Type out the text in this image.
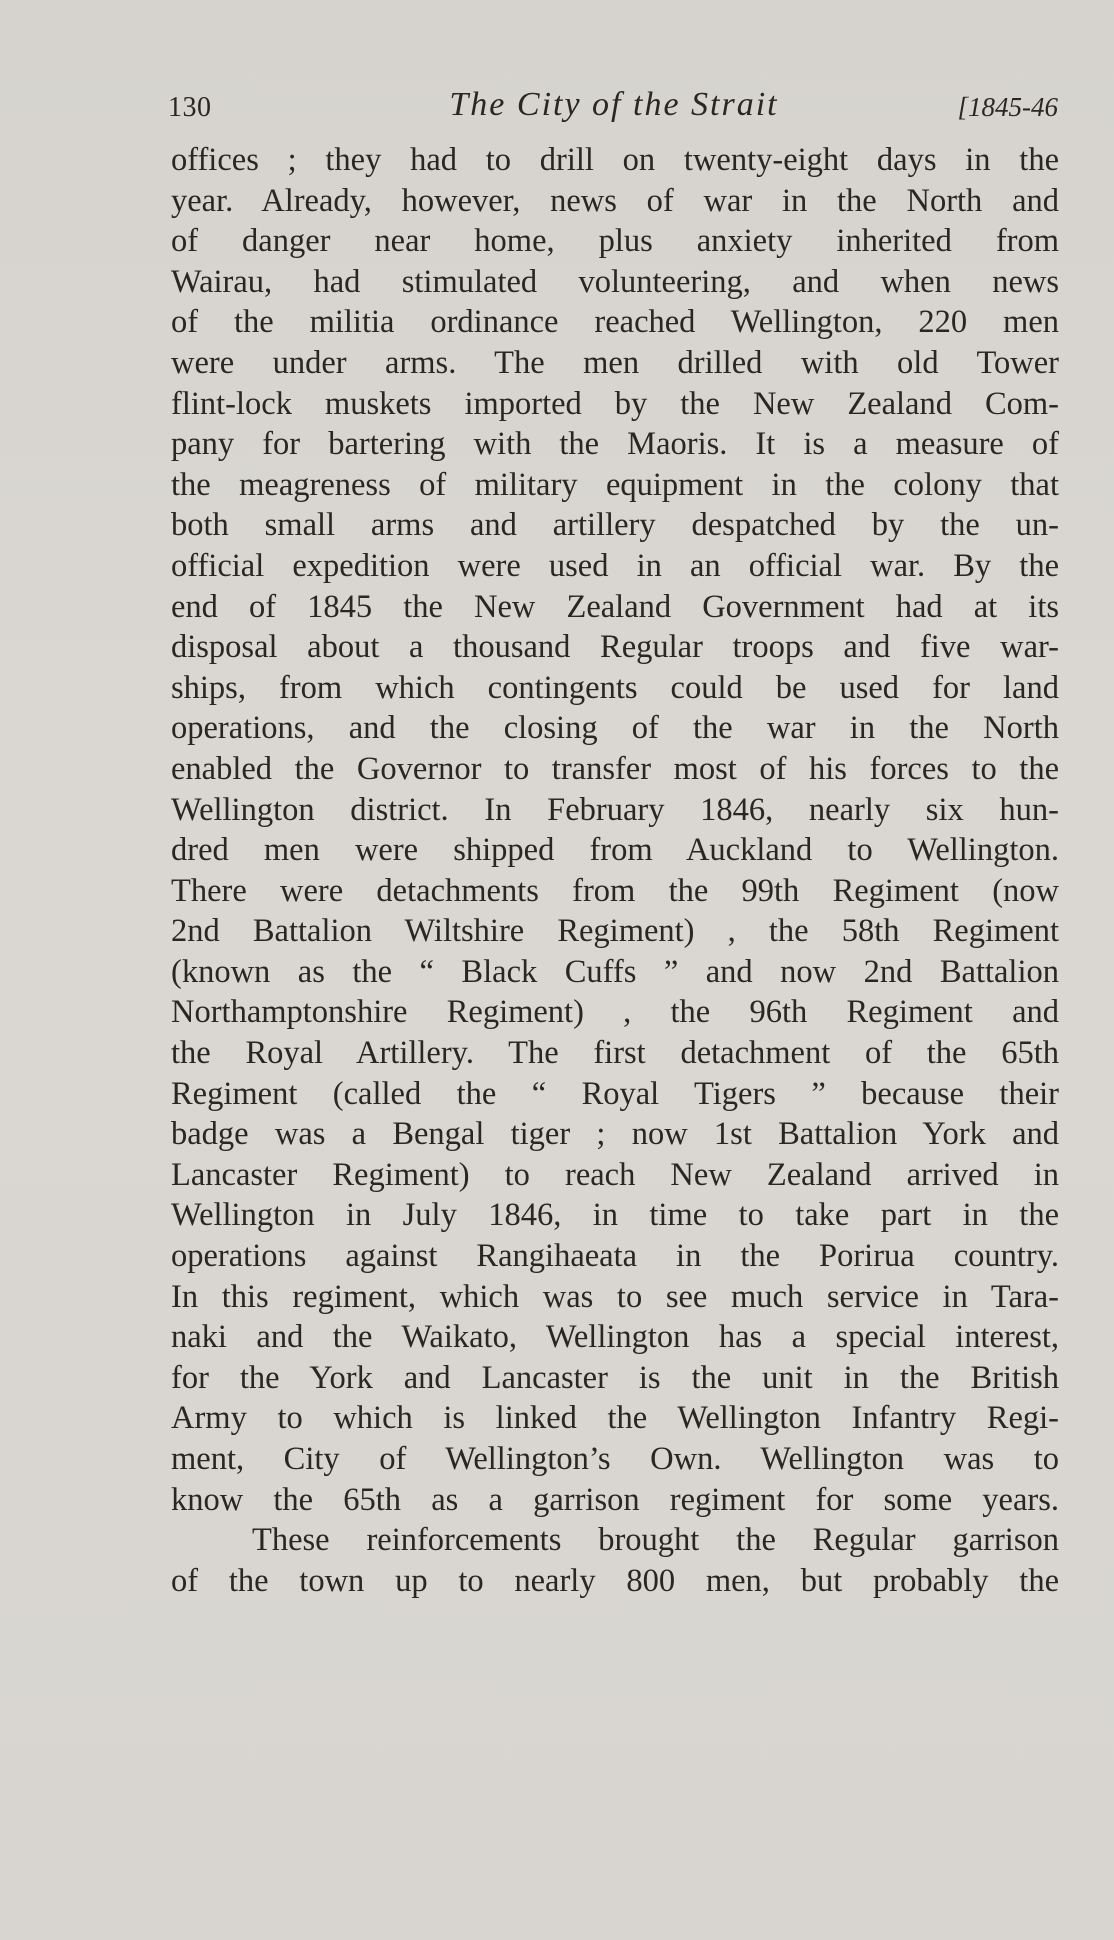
130	The City of the Strait	[1845-46
offices ; they had to drill on twenty-eight days in the
year. Already, however, news of war in the North and
of danger near home, plus anxiety inherited from
Wairau, had stimulated volunteering, and when news
of the militia ordinance reached Wellington, 220 men
were under arms. The men drilled with old Tower
flint-lock muskets imported by the New Zealand Com-
pany for bartering with the Maoris. It is a measure of
the meagreness of military equipment in the colony that
both small arms and artillery despatched by the un-
official expedition were used in an official war. By the
end of 1845 the New Zealand Government had at its
disposal about a thousand Regular troops and five war-
ships, from which contingents could be used for land
operations, and the closing of the war in the North
enabled the Governor to transfer most of his forces to the
Wellington district. In February 1846, nearly six hun-
dred men were shipped from Auckland to Wellington.
There were detachments from the 99th Regiment (now
2nd Battalion Wiltshire Regiment) , the 58th Regiment
(known as the “ Black Cuffs ” and now 2nd Battalion
Northamptonshire Regiment) , the 96th Regiment and
the Royal Artillery. The first detachment of the 65th
Regiment (called the “ Royal Tigers ” because their
badge was a Bengal tiger ; now 1st Battalion York and
Lancaster Regiment) to reach New Zealand arrived in
Wellington in July 1846, in time to take part in the
operations against Rangihaeata in the Porirua country.
In this regiment, which was to see much service in Tara-
naki and the Waikato, Wellington has a special interest,
for the York and Lancaster is the unit in the British
Army to which is linked the Wellington Infantry Regi-
ment, City of Wellington’s Own. Wellington was to
know the 65th as a garrison regiment for some years.
These reinforcements brought the Regular garrison
of the town up to nearly 800 men, but probably the
